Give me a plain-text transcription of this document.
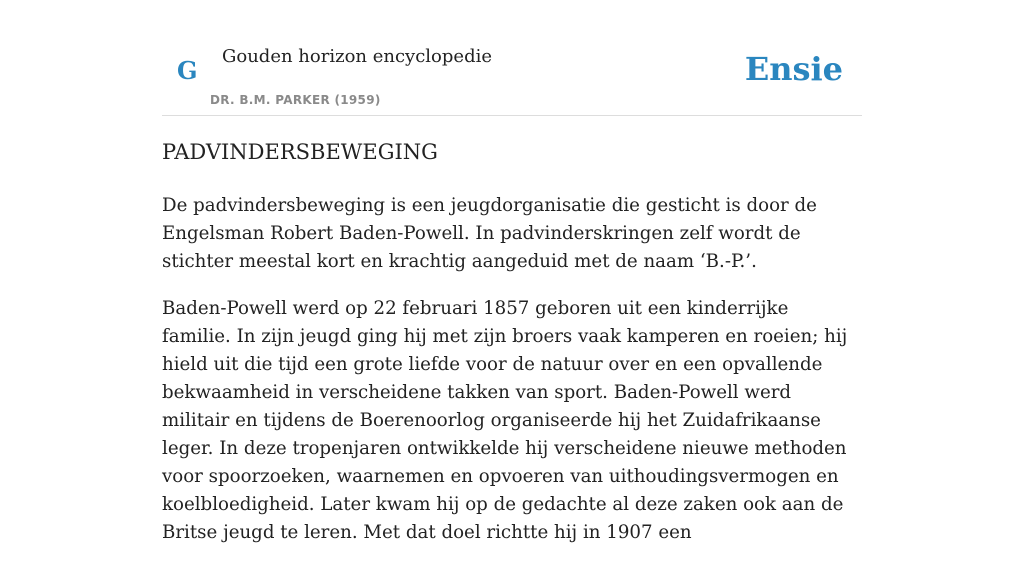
G Gouden horizon encyclopedie
DR. B.M. PARKER (1959)
Ensie
PADVINDERSBEWEGING

De padvindersbeweging is een jeugdorganisatie die gesticht is door de Engelsman Robert Baden-Powell. In padvinderskringen zelf wordt de stichter meestal kort en krachtig aangeduid met de naam ‘B.-P.’.

Baden-Powell werd op 22 februari 1857 geboren uit een kinderrijke familie. In zijn jeugd ging hij met zijn broers vaak kamperen en roeien; hij hield uit die tijd een grote liefde voor de natuur over en een opvallende bekwaamheid in verscheidene takken van sport. Baden-Powell werd militair en tijdens de Boerenoorlog organiseerde hij het Zuidafrikaanse leger. In deze tropenjaren ontwikkelde hij verscheidene nieuwe methoden voor spoorzoeken, waarnemen en opvoeren van uithoudingsvermogen en koelbloedigheid. Later kwam hij op de gedachte al deze zaken ook aan de Britse jeugd te leren. Met dat doel richtte hij in 1907 een
